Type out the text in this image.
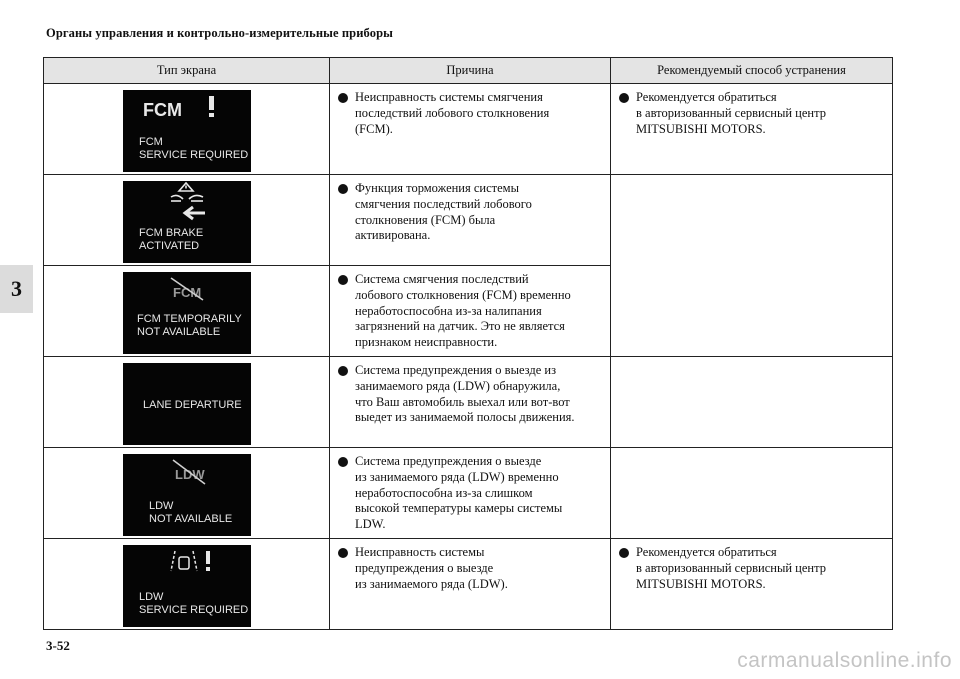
Органы управления и контрольно-измерительные приборы
3
Тип экрана	Причина	Рекомендуемый способ устранения

FCM
FCM
SERVICE REQUIRED	Неисправность системы смягчения
последствий лобового столкновения
(FCM).	Рекомендуется обратиться
в авторизованный сервисный центр
MITSUBISHI MOTORS.

FCM BRAKE
ACTIVATED	Функция торможения системы
смягчения последствий лобового
столкновения (FCM) была
активирована.	

FCM
FCM TEMPORARILY
NOT AVAILABLE	Система смягчения последствий
лобового столкновения (FCM) временно
неработоспособна из-за налипания
загрязнений на датчик. Это не является
признаком неисправности.	

LANE DEPARTURE	Система предупреждения о выезде из
занимаемого ряда (LDW) обнаружила,
что Ваш автомобиль выехал или вот-вот
выедет из занимаемой полосы движения.	

LDW
LDW
NOT AVAILABLE	Система предупреждения о выезде
из занимаемого ряда (LDW) временно
неработоспособна из-за слишком
высокой температуры камеры системы
LDW.	

LDW
SERVICE REQUIRED	Неисправность системы
предупреждения о выезде
из занимаемого ряда (LDW).	Рекомендуется обратиться
в авторизованный сервисный центр
MITSUBISHI MOTORS.
3-52
carmanualsonline.info
